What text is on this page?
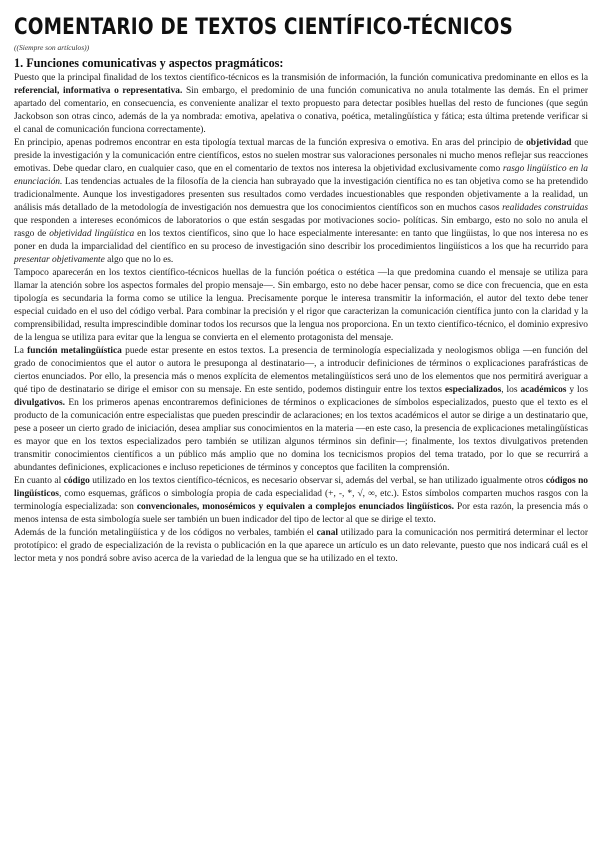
COMENTARIO DE TEXTOS CIENTÍFICO-TÉCNICOS
((Siempre son artículos))
1. Funciones comunicativas y aspectos pragmáticos:

Puesto que la principal finalidad de los textos científico-técnicos es la transmisión de información, la función comunicativa predominante en ellos es la referencial, informativa o representativa. Sin embargo, el predominio de una función comunicativa no anula totalmente las demás. En el primer apartado del comentario, en consecuencia, es conveniente analizar el texto propuesto para detectar posibles huellas del resto de funciones (que según Jackobson son otras cinco, además de la ya nombrada: emotiva, apelativa o conativa, poética, metalingüística y fática; esta última pretende verificar si el canal de comunicación funciona correctamente).

En principio, apenas podremos encontrar en esta tipología textual marcas de la función expresiva o emotiva. En aras del principio de objetividad que preside la investigación y la comunicación entre científicos, estos no suelen mostrar sus valoraciones personales ni mucho menos reflejar sus reacciones emotivas. Debe quedar claro, en cualquier caso, que en el comentario de textos nos interesa la objetividad exclusivamente como rasgo lingüístico en la enunciación. Las tendencias actuales de la filosofía de la ciencia han subrayado que la investigación científica no es tan objetiva como se ha pretendido tradicionalmente. Aunque los investigadores presenten sus resultados como verdades incuestionables que responden objetivamente a la realidad, un análisis más detallado de la metodología de investigación nos demuestra que los conocimientos científicos son en muchos casos realidades construidas que responden a intereses económicos de laboratorios o que están sesgadas por motivaciones socio- políticas. Sin embargo, esto no solo no anula el rasgo de objetividad lingüística en los textos científicos, sino que lo hace especialmente interesante: en tanto que lingüistas, lo que nos interesa no es poner en duda la imparcialidad del científico en su proceso de investigación sino describir los procedimientos lingüísticos a los que ha recurrido para presentar objetivamente algo que no lo es.

Tampoco aparecerán en los textos científico-técnicos huellas de la función poética o estética —la que predomina cuando el mensaje se utiliza para llamar la atención sobre los aspectos formales del propio mensaje—. Sin embargo, esto no debe hacer pensar, como se dice con frecuencia, que en esta tipología es secundaria la forma como se utilice la lengua. Precisamente porque le interesa transmitir la información, el autor del texto debe tener especial cuidado en el uso del código verbal. Para combinar la precisión y el rigor que caracterizan la comunicación científica junto con la claridad y la comprensibilidad, resulta imprescindible dominar todos los recursos que la lengua nos proporciona. En un texto científico-técnico, el dominio expresivo de la lengua se utiliza para evitar que la lengua se convierta en el elemento protagonista del mensaje.

La función metalingüística puede estar presente en estos textos. La presencia de terminología especializada y neologismos obliga —en función del grado de conocimientos que el autor o autora le presuponga al destinatario—, a introducir definiciones de términos o explicaciones parafrásticas de ciertos enunciados. Por ello, la presencia más o menos explícita de elementos metalingüísticos será uno de los elementos que nos permitirá averiguar a qué tipo de destinatario se dirige el emisor con su mensaje. En este sentido, podemos distinguir entre los textos especializados, los académicos y los divulgativos. En los primeros apenas encontraremos definiciones de términos o explicaciones de símbolos especializados, puesto que el texto es el producto de la comunicación entre especialistas que pueden prescindir de aclaraciones; en los textos académicos el autor se dirige a un destinatario que, pese a poseer un cierto grado de iniciación, desea ampliar sus conocimientos en la materia —en este caso, la presencia de explicaciones metalingüísticas es mayor que en los textos especializados pero también se utilizan algunos términos sin definir—; finalmente, los textos divulgativos pretenden transmitir conocimientos científicos a un público más amplio que no domina los tecnicismos propios del tema tratado, por lo que se recurrirá a abundantes definiciones, explicaciones e incluso repeticiones de términos y conceptos que faciliten la comprensión.

En cuanto al código utilizado en los textos científico-técnicos, es necesario observar si, además del verbal, se han utilizado igualmente otros códigos no lingüísticos, como esquemas, gráficos o simbología propia de cada especialidad (+, -, *, √, ∞, etc.). Estos símbolos comparten muchos rasgos con la terminología especializada: son convencionales, monosémicos y equivalen a complejos enunciados lingüísticos. Por esta razón, la presencia más o menos intensa de esta simbología suele ser también un buen indicador del tipo de lector al que se dirige el texto.

Además de la función metalingüística y de los códigos no verbales, también el canal utilizado para la comunicación nos permitirá determinar el lector prototípico: el grado de especialización de la revista o publicación en la que aparece un artículo es un dato relevante, puesto que nos indicará cuál es el lector meta y nos pondrá sobre aviso acerca de la variedad de la lengua que se ha utilizado en el texto.
